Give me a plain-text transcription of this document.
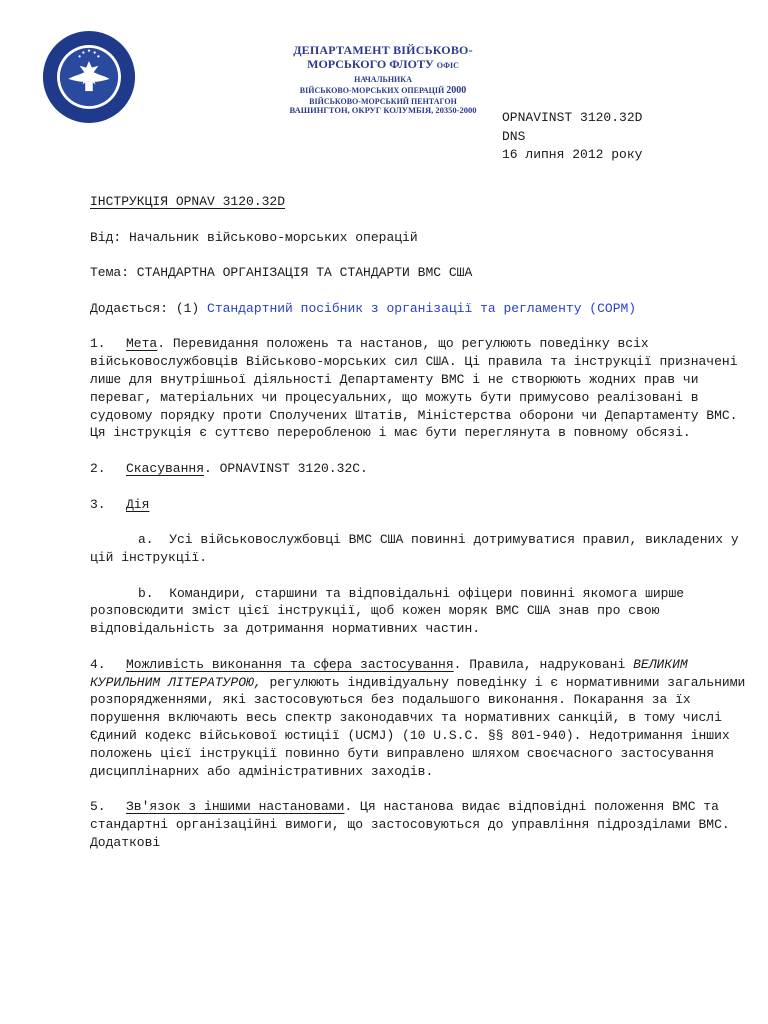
ДЕПАРТАМЕНТ ВІЙСЬКОВО-
МОРСЬКОГО ФЛОТУ ОФІС НАЧАЛЬНИКА
ВІЙСЬКОВО-МОРСЬКИХ ОПЕРАЦІЙ 2000
ВІЙСЬКОВО-МОРСЬКИЙ ПЕНТАГОН
ВАШИНГТОН, ОКРУГ КОЛУМБІЯ, 20350-2000	OPNAVINST 3120.32D
DNS
16 липня 2012 року

ІНСТРУКЦІЯ OPNAV 3120.32D

Від: Начальник військово-морських операцій

Тема: СТАНДАРТНА ОРГАНІЗАЦІЯ ТА СТАНДАРТИ ВМС США

Додається: (1) Стандартний посібник з організації та регламенту (СОРМ)

1. Мета. Перевидання положень та настанов, що регулюють поведінку всіх військовослужбовців Військово-морських сил США. Ці правила та інструкції призначені лише для внутрішньої діяльності Департаменту ВМС і не створюють жодних прав чи переваг, матеріальних чи процесуальних, що можуть бути примусово реалізовані в судовому порядку проти Сполучених Штатів, Міністерства оборони чи Департаменту ВМС. Ця інструкція є суттєво переробленою і має бути переглянута в повному обсязі.

2. Скасування. OPNAVINST 3120.32C.

3. Дія

a.  Усі військовослужбовці ВМС США повинні дотримуватися правил, викладених у цій інструкції.

b.  Командири, старшини та відповідальні офіцери повинні якомога ширше розповсюдити зміст цієї інструкції, щоб кожен моряк ВМС США знав про свою відповідальність за дотримання нормативних частин.

4. Можливість виконання та сфера застосування. Правила, надруковані ВЕЛИКИМ КУРИЛЬНИМ ЛІТЕРАТУРОЮ, регулюють індивідуальну поведінку і є нормативними загальними розпорядженнями, які застосовуються без подальшого виконання. Покарання за їх порушення включають весь спектр законодавчих та нормативних санкцій, в тому числі Єдиний кодекс військової юстиції (UCMJ) (10 U.S.C. §§ 801-940). Недотримання інших положень цієї інструкції повинно бути виправлено шляхом своєчасного застосування дисциплінарних або адміністративних заходів.

5. Зв'язок з іншими настановами. Ця настанова видає відповідні положення ВМС та стандартні організаційні вимоги, що застосовуються до управління підрозділами ВМС. Додаткові
